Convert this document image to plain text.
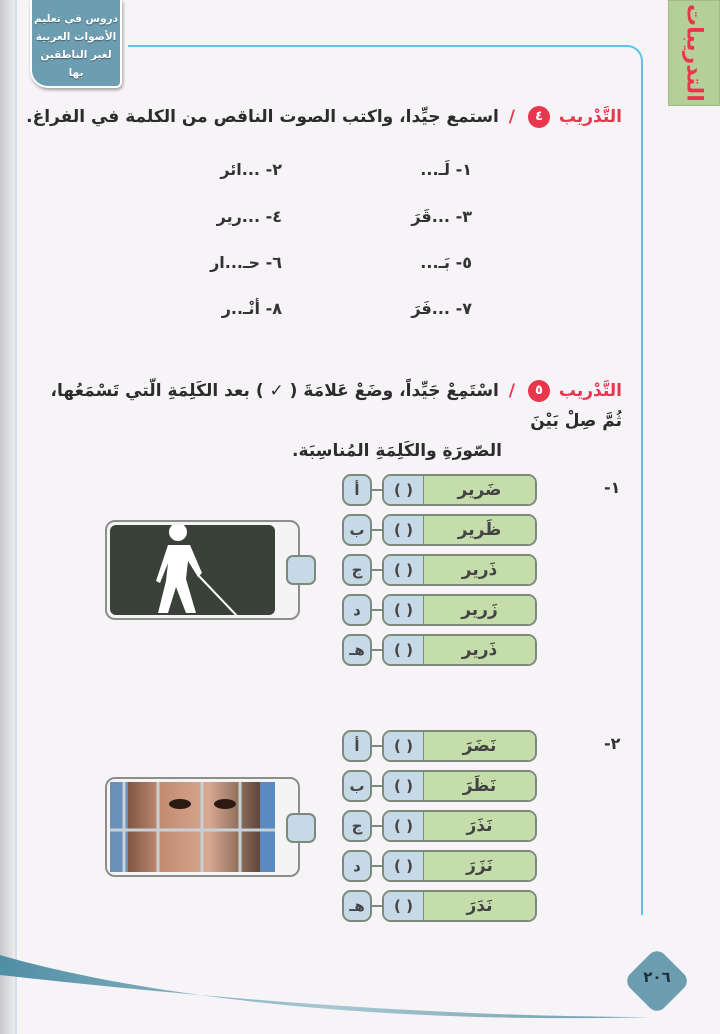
دروس في تعليم
الأصوات العربية
لغير الناطقين بها	التدريبات
التَّدْريب ٤ / استمع جيِّدا، واكتب الصوت الناقص من الكلمة في الفراغ.
١- لَـ...
٢- ...ائر
٣- ...قَرَ
٤- ...رير
٥- بَـ...
٦- حـ...ار
٧- ...فَرَ
٨- أنْـ..ر
التَّدْريب ٥ / اسْتَمِعْ جَيِّداً، وضَعْ عَلامَةَ ( ✓ ) بعد الكَلِمَةِ الّتي تَسْمَعُها، ثُمَّ صِلْ بَيْنَ
الصّورَةِ والكَلِمَةِ المُناسِبَة.
١-
أ	( )	ضَرير
ب	( )	ظَرير
ج	( )	ذَرير
د	( )	زَرير
هـ	( )	ذَرير
٢-
أ	( )	نَضَرَ
ب	( )	نَظَرَ
ج	( )	نَذَرَ
د	( )	نَزَرَ
هـ	( )	نَدَرَ
٢٠٦
